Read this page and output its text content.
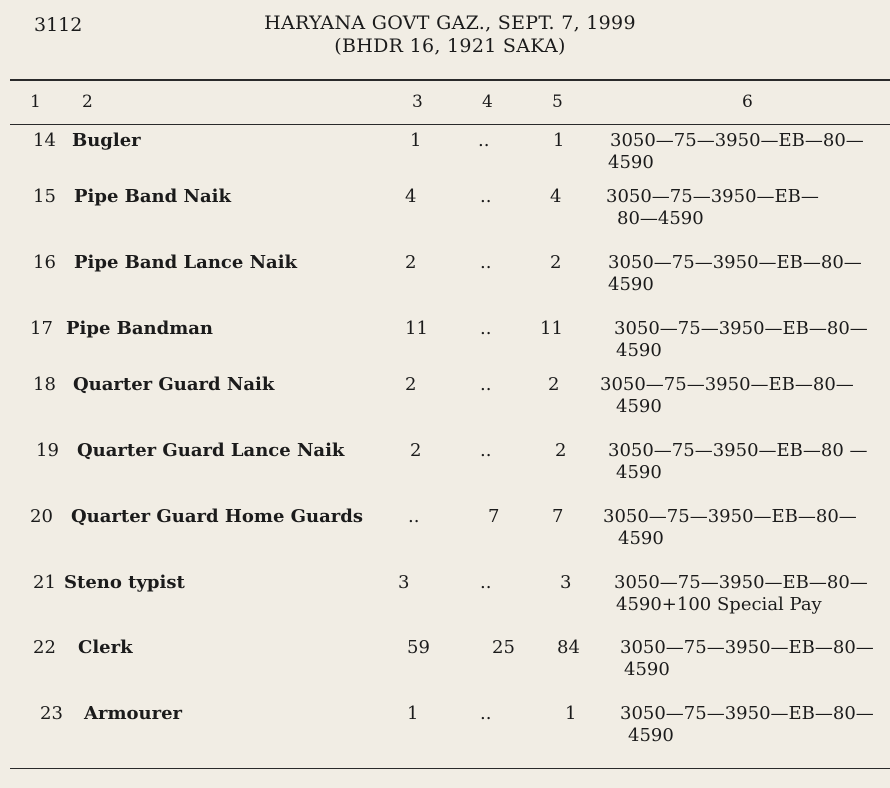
3112	HARYANA GOVT GAZ., SEPT. 7, 1999
(BHDR 16, 1921 SAKA)
1 2	3	4	5	6
14 Bugler	1	..	1	3050—75—3950—EB—80—
4590
15 Pipe Band Naik	4	..	4 3050—75—3950—EB—
80—4590
16 Pipe Band Lance Naik	2	..	2	3050—75—3950—EB—80—
4590
17 Pipe Bandman	11	..	11	3050—75—3950—EB—80—
4590
18 Quarter Guard Naik	2	..	2 3050—75—3950—EB—80—
4590
19 Quarter Guard Lance Naik	2	..	2 3050—75—3950—EB—80 —
4590
20 Quarter Guard Home Guards	..	7	7 3050—75—3950—EB—80—
4590
21 Steno typist	3	..	3 3050—75—3950—EB—80—
4590+100 Special Pay
22 Clerk	59	25 84 3050—75—3950—EB—80—
4590
23 Armourer	1	..	1 3050—75—3950—EB—80—
4590
